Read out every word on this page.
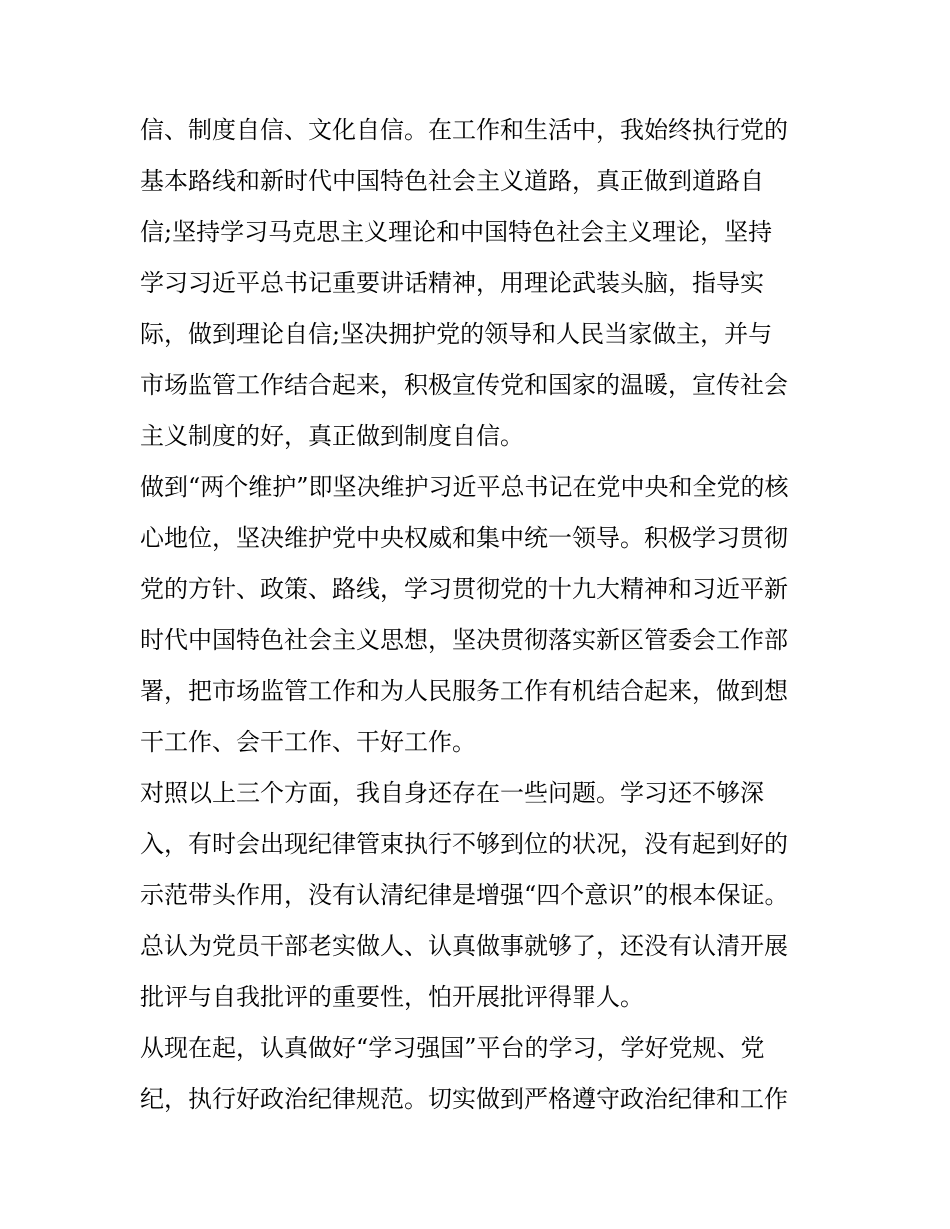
信、制度自信、文化自信。在工作和生活中，我始终执行党的
基本路线和新时代中国特色社会主义道路，真正做到道路自
信;坚持学习马克思主义理论和中国特色社会主义理论，坚持
学习习近平总书记重要讲话精神，用理论武装头脑，指导实
际，做到理论自信;坚决拥护党的领导和人民当家做主，并与
市场监管工作结合起来，积极宣传党和国家的温暖，宣传社会
主义制度的好，真正做到制度自信。
做到“两个维护”即坚决维护习近平总书记在党中央和全党的核
心地位，坚决维护党中央权威和集中统一领导。积极学习贯彻
党的方针、政策、路线，学习贯彻党的十九大精神和习近平新
时代中国特色社会主义思想，坚决贯彻落实新区管委会工作部
署，把市场监管工作和为人民服务工作有机结合起来，做到想
干工作、会干工作、干好工作。
对照以上三个方面，我自身还存在一些问题。学习还不够深
入，有时会出现纪律管束执行不够到位的状况，没有起到好的
示范带头作用，没有认清纪律是增强“四个意识”的根本保证。
总认为党员干部老实做人、认真做事就够了，还没有认清开展
批评与自我批评的重要性，怕开展批评得罪人。
从现在起，认真做好“学习强国”平台的学习，学好党规、党
纪，执行好政治纪律规范。切实做到严格遵守政治纪律和工作
